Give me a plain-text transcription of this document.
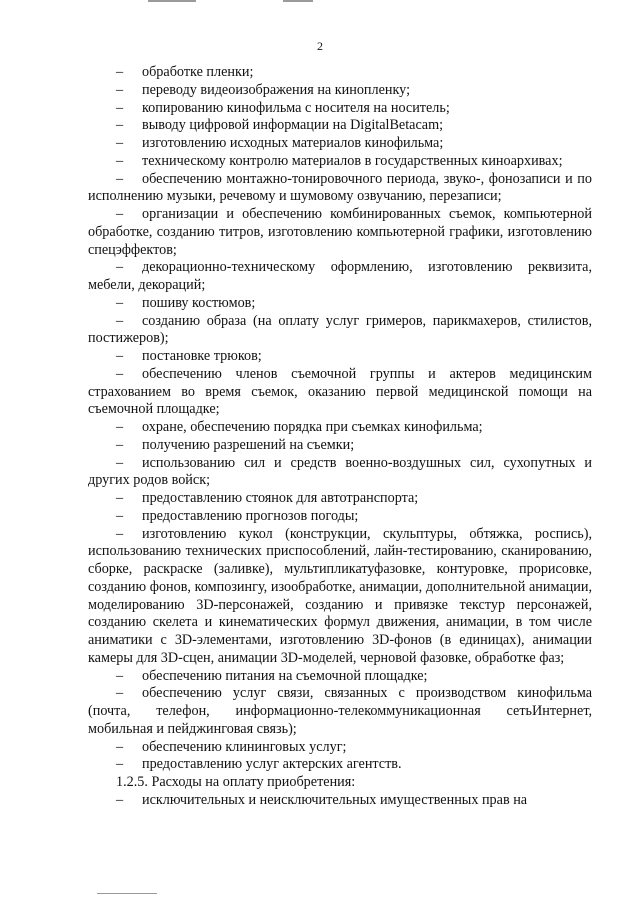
2

– обработке пленки;

– переводу видеоизображения на кинопленку;

– копированию кинофильма с носителя на носитель;

– выводу цифровой информации на DigitalBetacam;

– изготовлению исходных материалов кинофильма;

– техническому контролю материалов в государственных киноархивах;

– обеспечению монтажно-тонировочного периода, звуко-, фонозаписи и по исполнению музыки, речевому и шумовому озвучанию, перезаписи;

– организации и обеспечению комбинированных съемок, компьютерной обработке, созданию титров, изготовлению компьютерной графики, изготовлению спецэффектов;

– декорационно-техническому оформлению, изготовлению реквизита, мебели, декораций;

– пошиву костюмов;

– созданию образа (на оплату услуг гримеров, парикмахеров, стилистов, постижеров);

– постановке трюков;

– обеспечению членов съемочной группы и актеров медицинским страхованием во время съемок, оказанию первой медицинской помощи на съемочной площадке;

– охране, обеспечению порядка при съемках кинофильма;

– получению разрешений на съемки;

– использованию сил и средств военно-воздушных сил, сухопутных и других родов войск;

– предоставлению стоянок для автотранспорта;

– предоставлению прогнозов погоды;

– изготовлению кукол (конструкции, скульптуры, обтяжка, роспись), использованию технических приспособлений, лайн-тестированию, сканированию, сборке, раскраске (заливке), мультипликатуфазовке, контуровке, прорисовке, созданию фонов, композингу, изообработке, анимации, дополнительной анимации, моделированию 3D-персонажей, созданию и привязке текстур персонажей, созданию скелета и кинематических формул движения, анимации, в том числе аниматики с 3D-элементами, изготовлению 3D-фонов (в единицах), анимации камеры для 3D-сцен, анимации 3D-моделей, черновой фазовке, обработке фаз;

– обеспечению питания на съемочной площадке;

– обеспечению услуг связи, связанных с производством кинофильма (почта, телефон, информационно-телекоммуникационная сетьИнтернет, мобильная и пейджинговая связь);

– обеспечению клининговых услуг;

– предоставлению услуг актерских агентств.

1.2.5. Расходы на оплату приобретения:

– исключительных и неисключительных имущественных прав на
